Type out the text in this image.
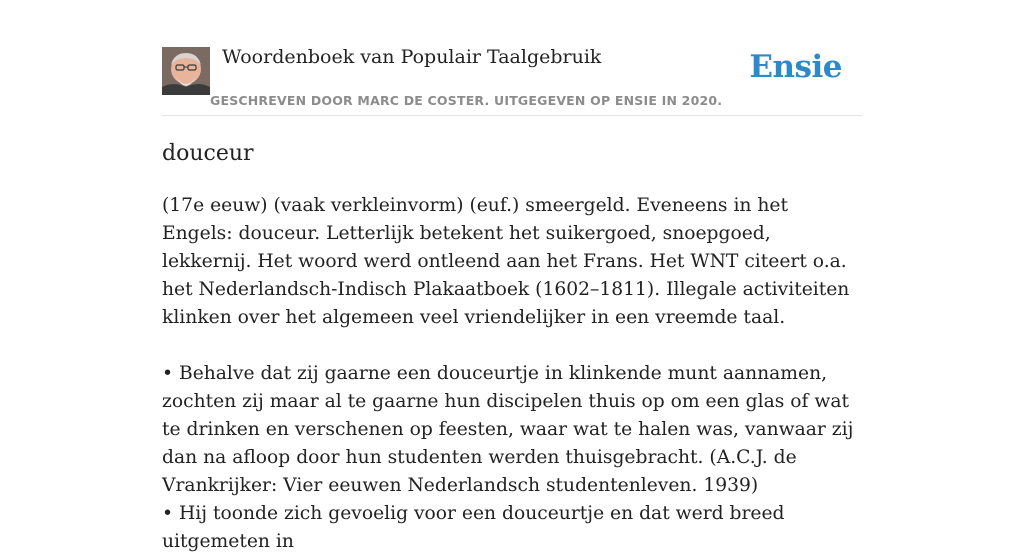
Woordenboek van Populair Taalgebruik
GESCHREVEN DOOR MARC DE COSTER. UITGEGEVEN OP ENSIE IN 2020.
Ensie
douceur

(17e eeuw) (vaak verkleinvorm) (euf.) smeergeld. Eveneens in het Engels: douceur. Letterlijk betekent het suikergoed, snoepgoed, lekkernij. Het woord werd ontleend aan het Frans. Het WNT citeert o.a. het Nederlandsch-Indisch Plakaatboek (1602–1811). Illegale activiteiten klinken over het algemeen veel vriendelijker in een vreemde taal.

• Behalve dat zij gaarne een douceurtje in klinkende munt aannamen, zochten zij maar al te gaarne hun discipelen thuis op om een glas of wat te drinken en verschenen op feesten, waar wat te halen was, vanwaar zij dan na afloop door hun studenten werden thuisgebracht. (A.C.J. de Vrankrijker: Vier eeuwen Nederlandsch studentenleven. 1939)

• Hij toonde zich gevoelig voor een douceurtje en dat werd breed uitgemeten in
